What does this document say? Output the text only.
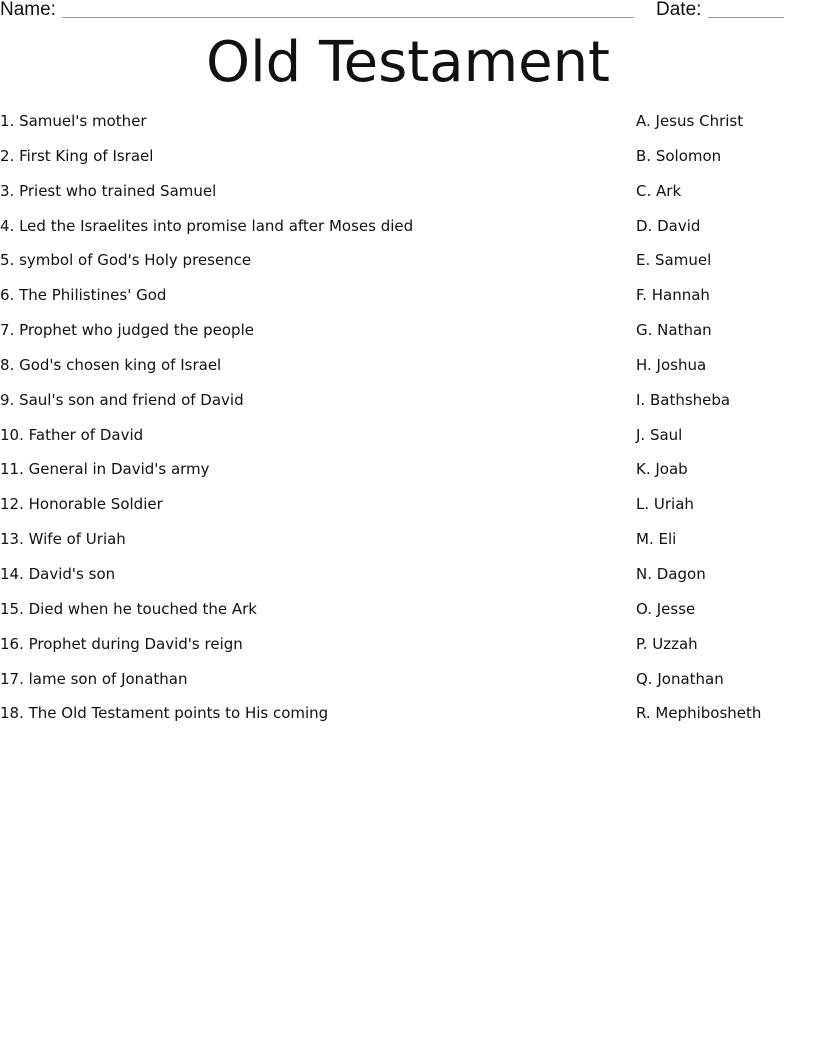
Name:	Date:
Old Testament
1. Samuel's mother
2. First King of Israel
3. Priest who trained Samuel
4. Led the Israelites into promise land after Moses died
5. symbol of God's Holy presence
6. The Philistines' God
7. Prophet who judged the people
8. God's chosen king of Israel
9. Saul's son and friend of David
10. Father of David
11. General in David's army
12. Honorable Soldier
13. Wife of Uriah
14. David's son
15. Died when he touched the Ark
16. Prophet during David's reign
17. lame son of Jonathan
18. The Old Testament points to His coming
A. Jesus Christ
B. Solomon
C. Ark
D. David
E. Samuel
F. Hannah
G. Nathan
H. Joshua
I. Bathsheba
J. Saul
K. Joab
L. Uriah
M. Eli
N. Dagon
O. Jesse
P. Uzzah
Q. Jonathan
R. Mephibosheth
